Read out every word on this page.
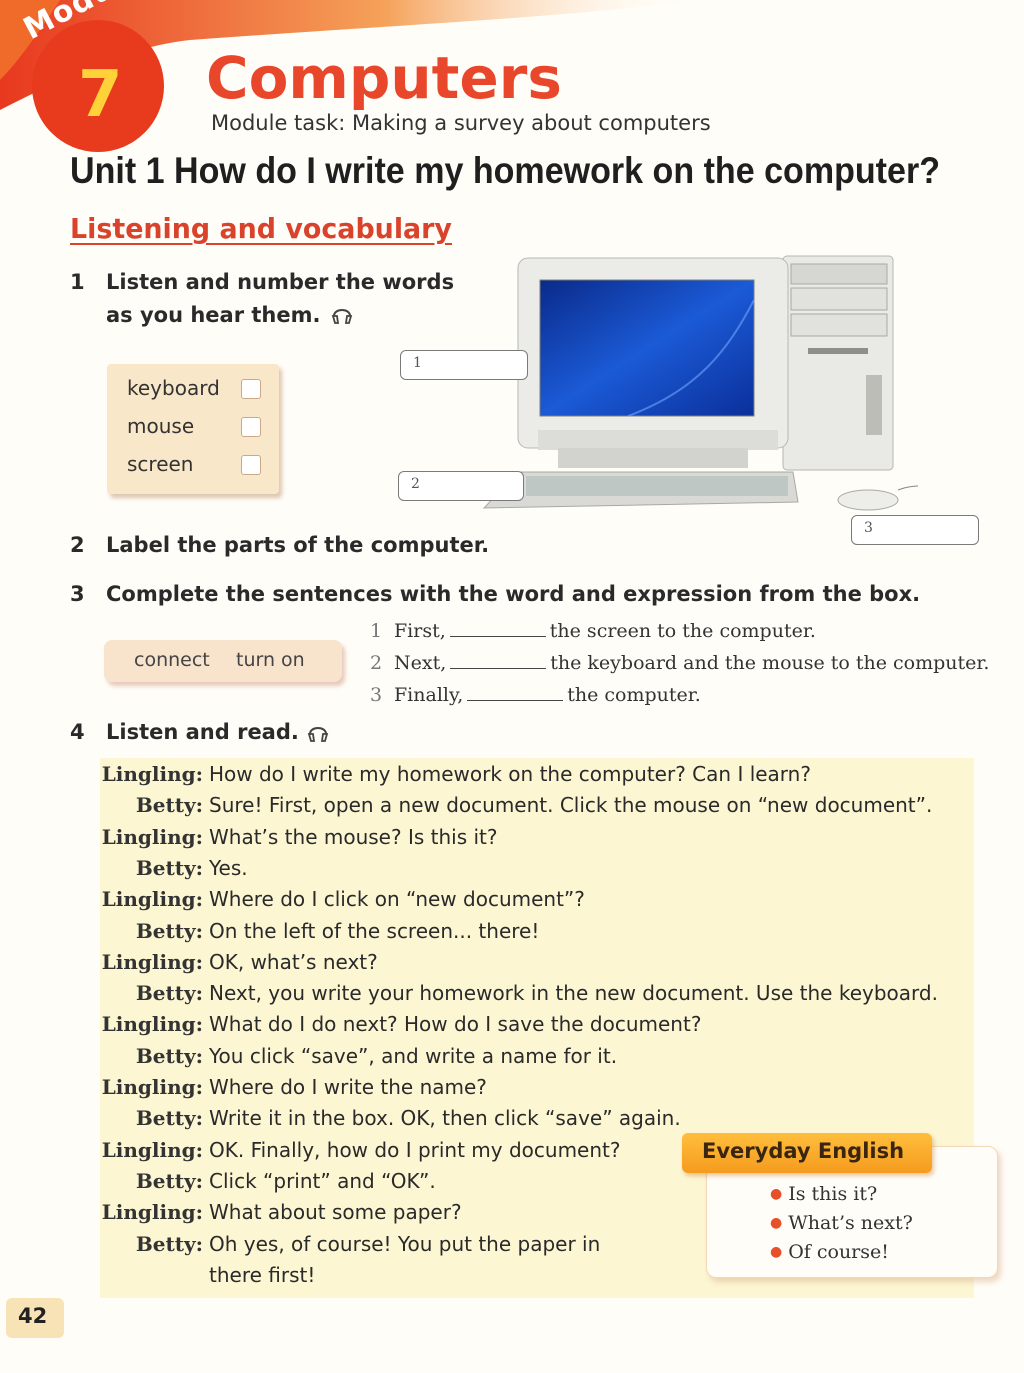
7 Computers
Module task: Making a survey about computers
Unit 1 How do I write my homework on the computer?
Listening and vocabulary
1 Listen and number the words
as you hear them.
keyboard
mouse
screen
1
2
3
2 Label the parts of the computer.
3 Complete the sentences with the word and expression from the box.
connect turn on
1 First,	the screen to the computer.
2 Next,	the keyboard and the mouse to the computer.
3 Finally,	the computer.
4 Listen and read.
Lingling: How do I write my homework on the computer? Can I learn?
Betty: Sure! First, open a new document. Click the mouse on “new document”.
Lingling: What’s the mouse? Is this it?
Betty: Yes.
Lingling: Where do I click on “new document”?
Betty: On the left of the screen... there!
Lingling: OK, what’s next?
Betty: Next, you write your homework in the new document. Use the keyboard.
Lingling: What do I do next? How do I save the document?
Betty: You click “save”, and write a name for it.
Lingling: Where do I write the name?
Betty: Write it in the box. OK, then click “save” again.
Lingling: OK. Finally, how do I print my document?
Betty: Click “print” and “OK”.
Lingling: What about some paper?
Betty: Oh yes, of course! You put the paper in
there first!
Everyday English
● Is this it?
● What’s next?
● Of course!
42
